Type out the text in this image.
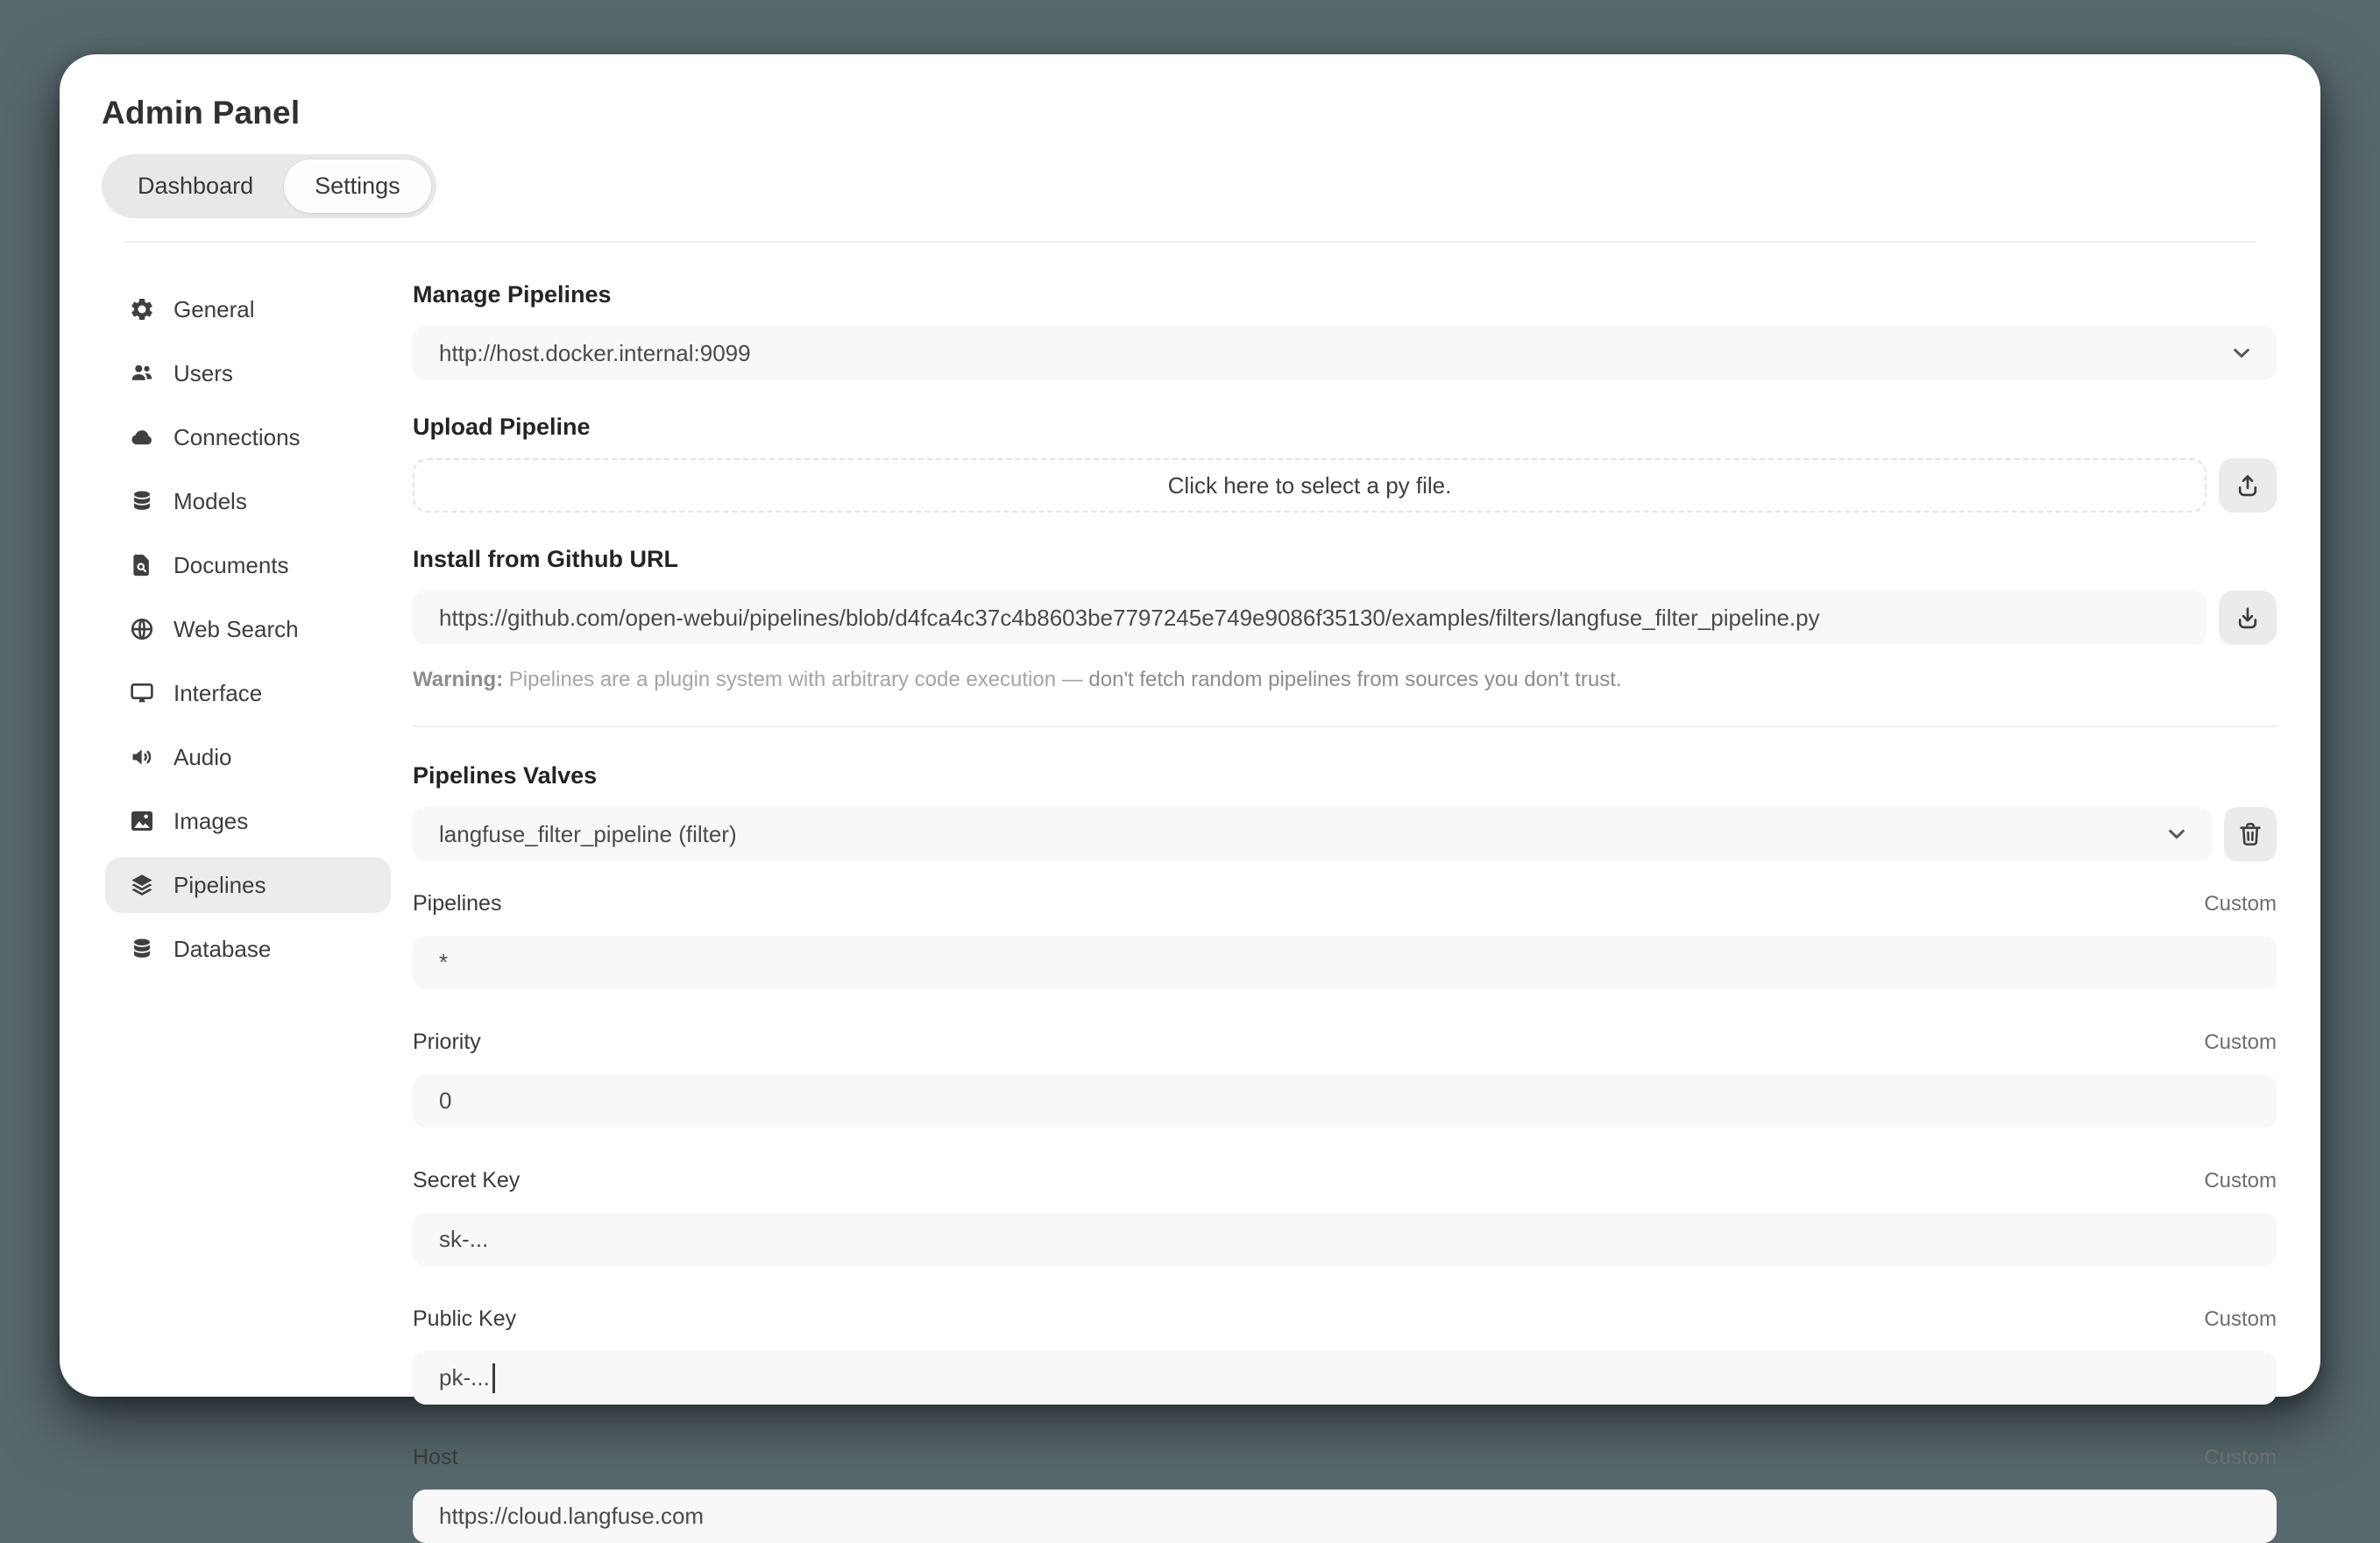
Admin Panel
Dashboard	Settings
General
Users
Connections
Models
Documents
Web Search
Interface
Audio
Images
Pipelines
Database
Manage Pipelines
http://host.docker.internal:9099
Upload Pipeline
Click here to select a py file.
Install from Github URL
https://github.com/open-webui/pipelines/blob/d4fca4c37c4b8603be7797245e749e9086f35130/examples/filters/langfuse_filter_pipeline.py
Warning: Pipelines are a plugin system with arbitrary code execution — don't fetch random pipelines from sources you don't trust.
Pipelines Valves
langfuse_filter_pipeline (filter)
Pipelines	Custom
*
Priority	Custom
0
Secret Key	Custom
sk-...
Public Key	Custom
pk-...
Host	Custom
https://cloud.langfuse.com
